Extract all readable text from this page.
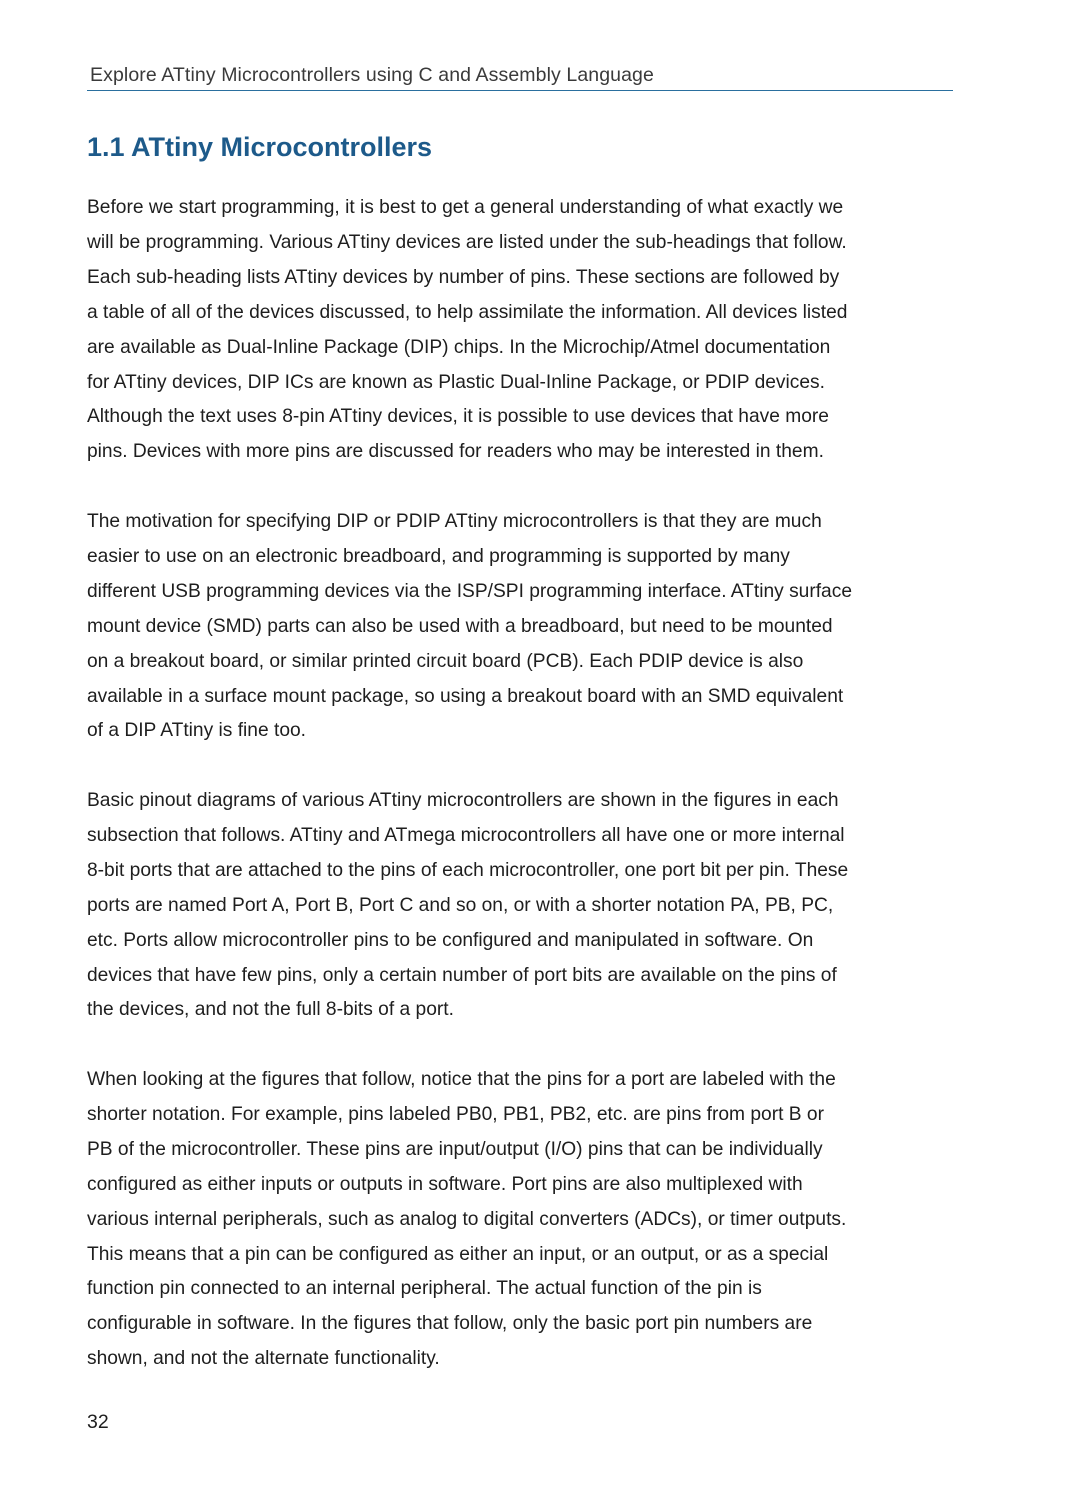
Explore ATtiny Microcontrollers using C and Assembly Language
1.1 ATtiny Microcontrollers
Before we start programming, it is best to get a general understanding of what exactly we
will be programming. Various ATtiny devices are listed under the sub-headings that follow.
Each sub-heading lists ATtiny devices by number of pins. These sections are followed by
a table of all of the devices discussed, to help assimilate the information. All devices listed
are available as Dual-Inline Package (DIP) chips. In the Microchip/Atmel documentation
for ATtiny devices, DIP ICs are known as Plastic Dual-Inline Package, or PDIP devices.
Although the text uses 8-pin ATtiny devices, it is possible to use devices that have more
pins. Devices with more pins are discussed for readers who may be interested in them.
The motivation for specifying DIP or PDIP ATtiny microcontrollers is that they are much
easier to use on an electronic breadboard, and programming is supported by many
different USB programming devices via the ISP/SPI programming interface. ATtiny surface
mount device (SMD) parts can also be used with a breadboard, but need to be mounted
on a breakout board, or similar printed circuit board (PCB). Each PDIP device is also
available in a surface mount package, so using a breakout board with an SMD equivalent
of a DIP ATtiny is fine too.
Basic pinout diagrams of various ATtiny microcontrollers are shown in the figures in each
subsection that follows. ATtiny and ATmega microcontrollers all have one or more internal
8-bit ports that are attached to the pins of each microcontroller, one port bit per pin. These
ports are named Port A, Port B, Port C and so on, or with a shorter notation PA, PB, PC,
etc. Ports allow microcontroller pins to be configured and manipulated in software. On
devices that have few pins, only a certain number of port bits are available on the pins of
the devices, and not the full 8-bits of a port.
When looking at the figures that follow, notice that the pins for a port are labeled with the
shorter notation. For example, pins labeled PB0, PB1, PB2, etc. are pins from port B or
PB of the microcontroller. These pins are input/output (I/O) pins that can be individually
configured as either inputs or outputs in software. Port pins are also multiplexed with
various internal peripherals, such as analog to digital converters (ADCs), or timer outputs.
This means that a pin can be configured as either an input, or an output, or as a special
function pin connected to an internal peripheral. The actual function of the pin is
configurable in software. In the figures that follow, only the basic port pin numbers are
shown, and not the alternate functionality.
32
